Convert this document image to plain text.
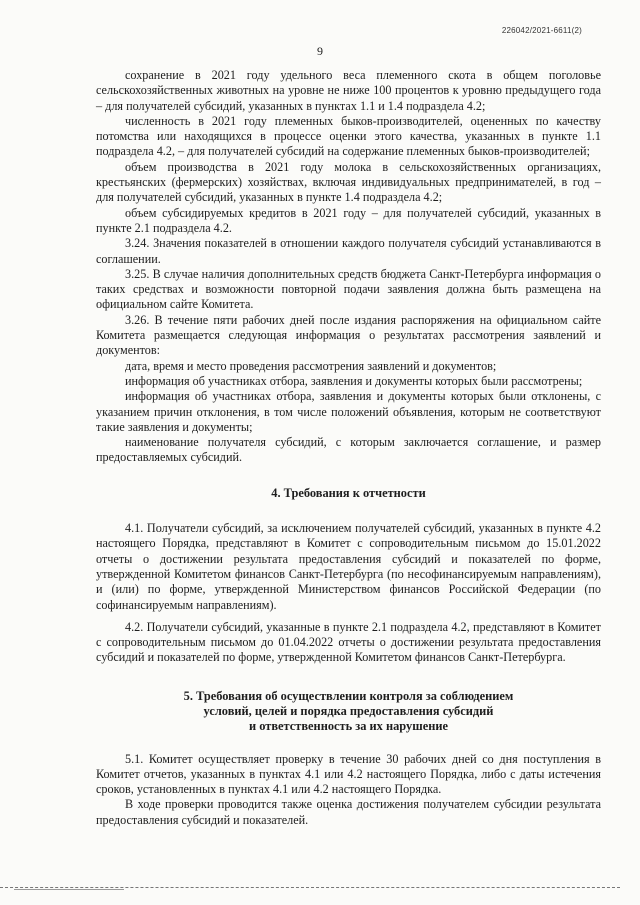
226042/2021-6611(2)
9

сохранение в 2021 году удельного веса племенного скота в общем поголовье сельскохозяйственных животных на уровне не ниже 100 процентов к уровню предыдущего года – для получателей субсидий, указанных в пунктах 1.1 и 1.4 подраздела 4.2;

численность в 2021 году племенных быков-производителей, оцененных по качеству потомства или находящихся в процессе оценки этого качества, указанных в пункте 1.1 подраздела 4.2, – для получателей субсидий на содержание племенных быков-производителей;

объем производства в 2021 году молока в сельскохозяйственных организациях, крестьянских (фермерских) хозяйствах, включая индивидуальных предпринимателей, в год – для получателей субсидий, указанных в пункте 1.4 подраздела 4.2;

объем субсидируемых кредитов в 2021 году – для получателей субсидий, указанных в пункте 2.1 подраздела 4.2.

3.24. Значения показателей в отношении каждого получателя субсидий устанавливаются в соглашении.

3.25. В случае наличия дополнительных средств бюджета Санкт-Петербурга информация о таких средствах и возможности повторной подачи заявления должна быть размещена на официальном сайте Комитета.

3.26. В течение пяти рабочих дней после издания распоряжения на официальном сайте Комитета размещается следующая информация о результатах рассмотрения заявлений и документов:

дата, время и место проведения рассмотрения заявлений и документов;

информация об участниках отбора, заявления и документы которых были рассмотрены;

информация об участниках отбора, заявления и документы которых были отклонены, с указанием причин отклонения, в том числе положений объявления, которым не соответствуют такие заявления и документы;

наименование получателя субсидий, с которым заключается соглашение, и размер предоставляемых субсидий.

4. Требования к отчетности

4.1. Получатели субсидий, за исключением получателей субсидий, указанных в пункте 4.2 настоящего Порядка, представляют в Комитет с сопроводительным письмом до 15.01.2022 отчеты о достижении результата предоставления субсидий и показателей по форме, утвержденной Комитетом финансов Санкт-Петербурга (по несофинансируемым направлениям), и (или) по форме, утвержденной Министерством финансов Российской Федерации (по софинансируемым направлениям).

4.2. Получатели субсидий, указанные в пункте 2.1 подраздела 4.2, представляют в Комитет с сопроводительным письмом до 01.04.2022 отчеты о достижении результата предоставления субсидий и показателей по форме, утвержденной Комитетом финансов Санкт-Петербурга.

5. Требования об осуществлении контроля за соблюдением
условий, целей и порядка предоставления субсидий
и ответственность за их нарушение

5.1. Комитет осуществляет проверку в течение 30 рабочих дней со дня поступления в Комитет отчетов, указанных в пунктах 4.1 или 4.2 настоящего Порядка, либо с даты истечения сроков, установленных в пунктах 4.1 или 4.2 настоящего Порядка.

В ходе проверки проводится также оценка достижения получателем субсидии результата предоставления субсидий и показателей.
